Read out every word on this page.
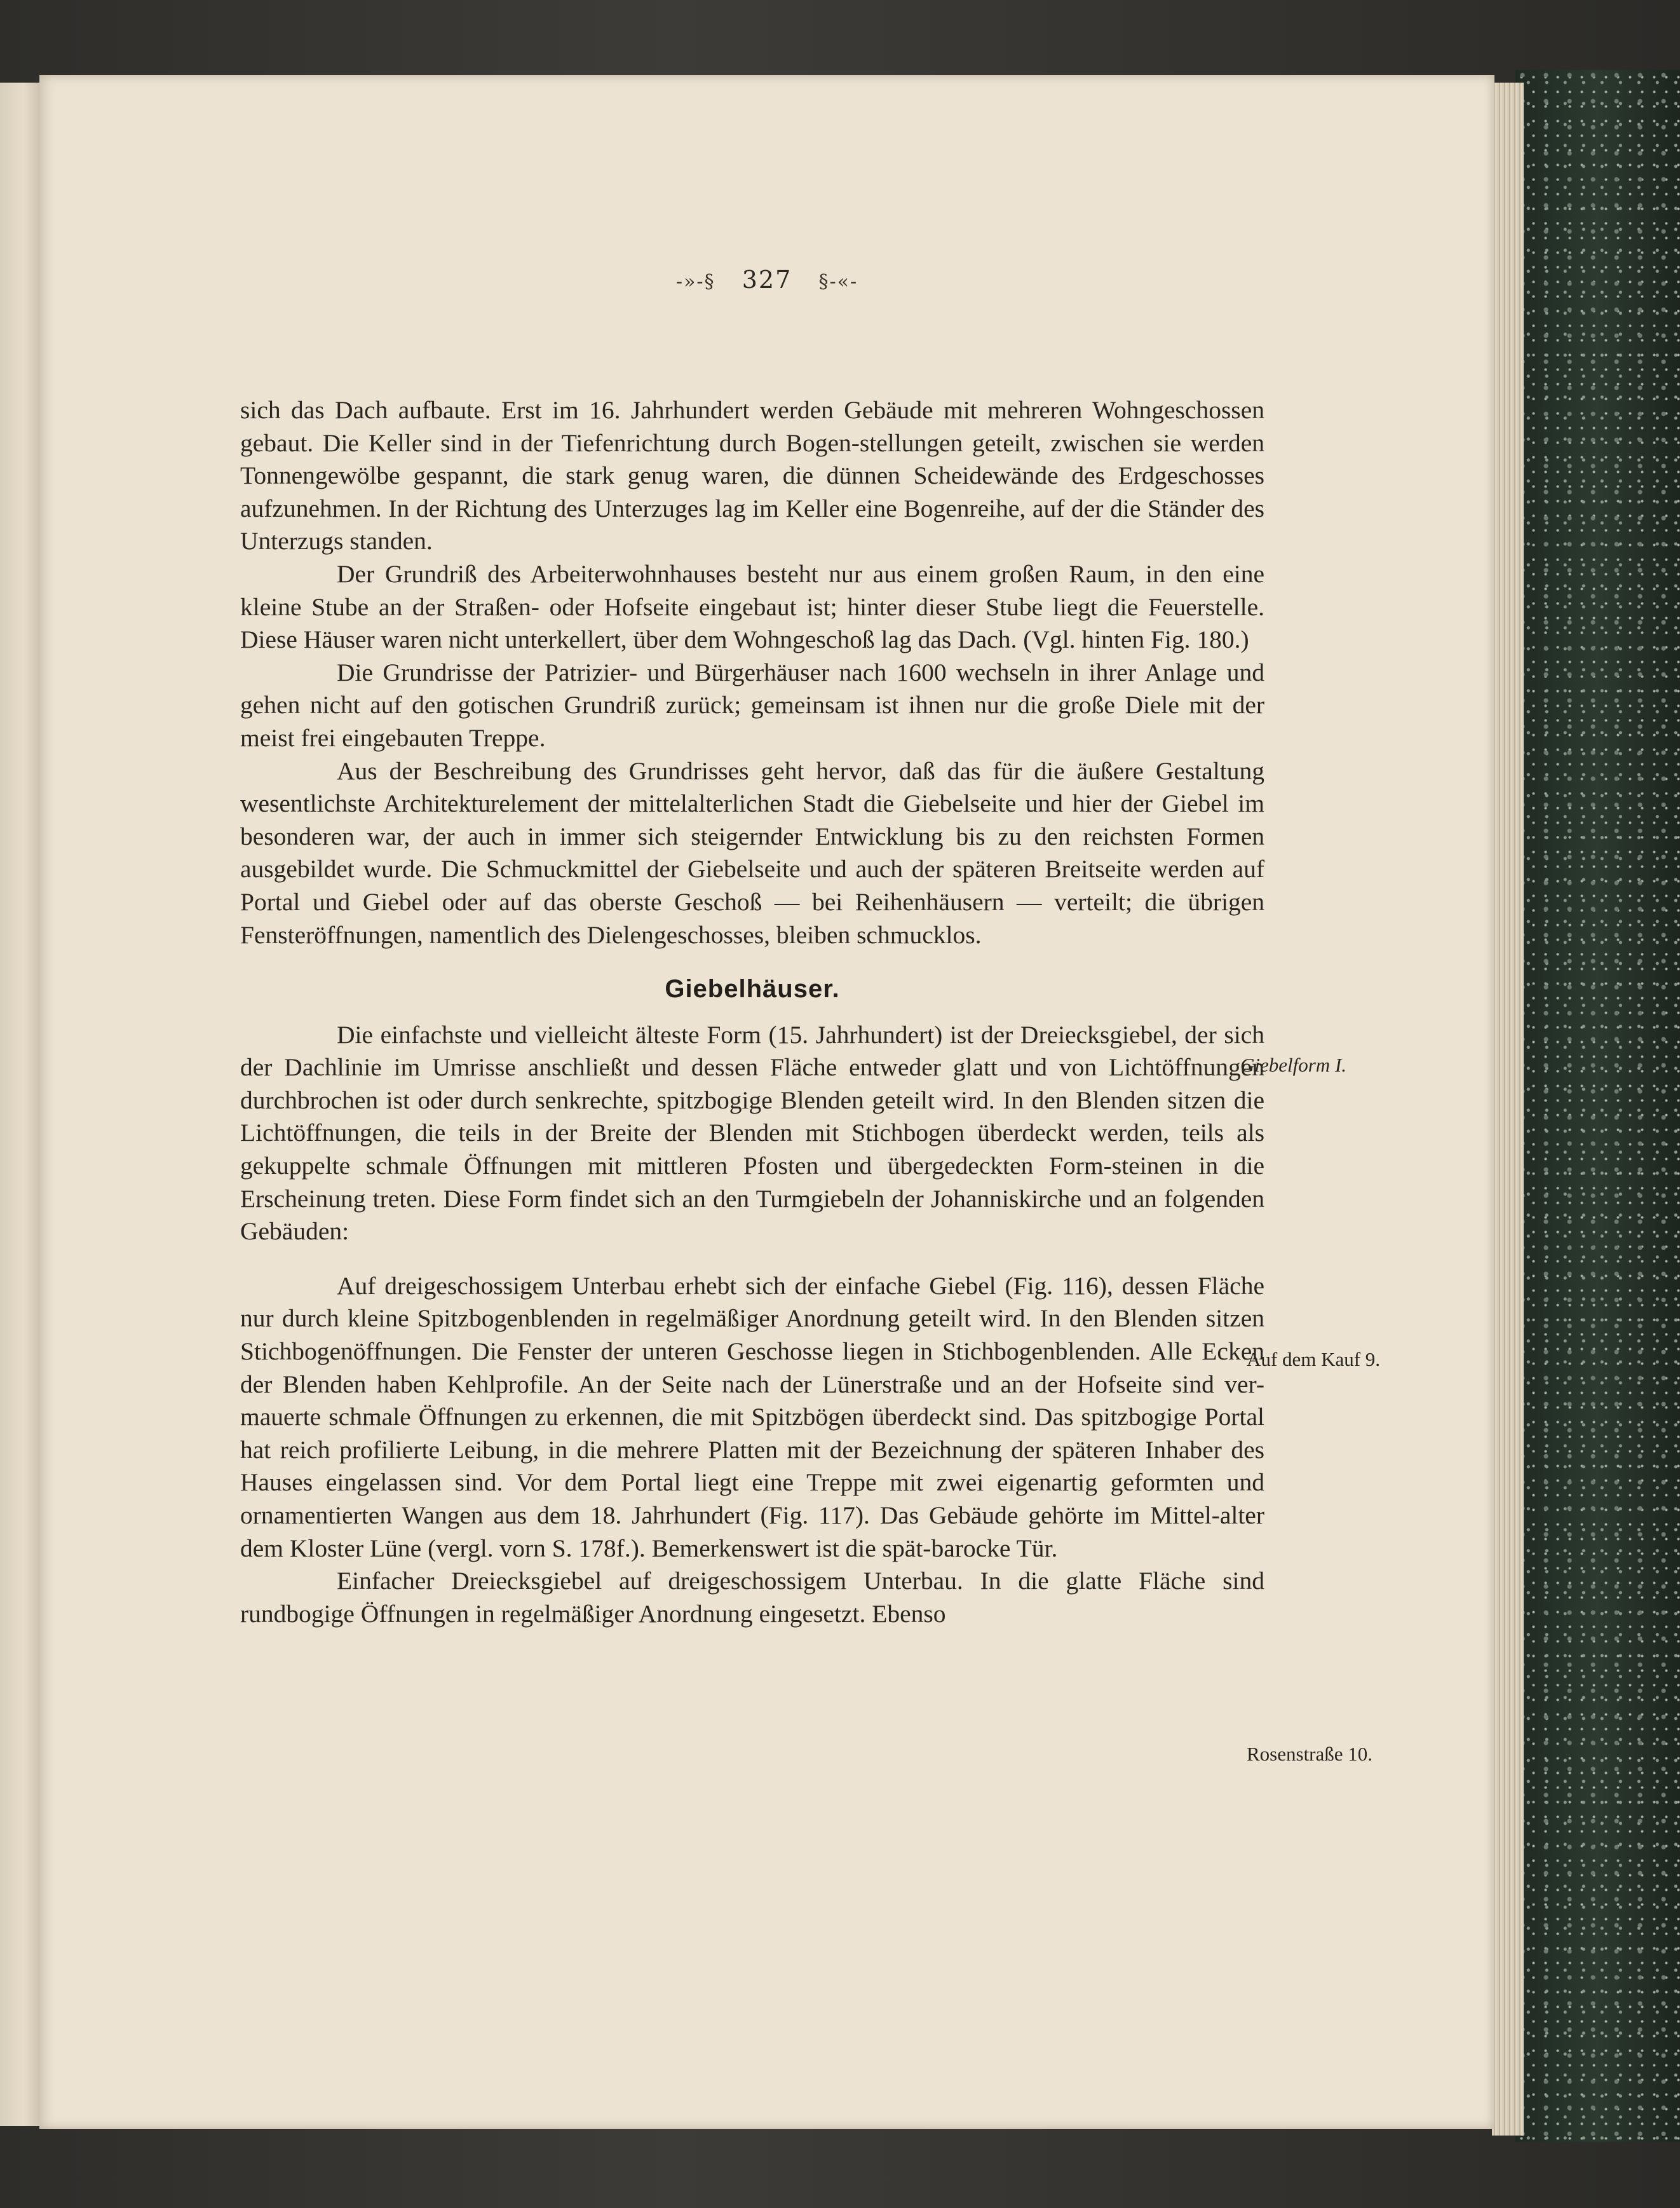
-»-§ 327 §-«-

sich das Dach aufbaute. Erst im 16. Jahrhundert werden Gebäude mit mehreren Wohngeschossen gebaut. Die Keller sind in der Tiefenrichtung durch Bogen-stellungen geteilt, zwischen sie werden Tonnengewölbe gespannt, die stark genug waren, die dünnen Scheidewände des Erdgeschosses aufzunehmen. In der Richtung des Unterzuges lag im Keller eine Bogenreihe, auf der die Ständer des Unterzugs standen.

Der Grundriß des Arbeiterwohnhauses besteht nur aus einem großen Raum, in den eine kleine Stube an der Straßen- oder Hofseite eingebaut ist; hinter dieser Stube liegt die Feuerstelle. Diese Häuser waren nicht unterkellert, über dem Wohngeschoß lag das Dach. (Vgl. hinten Fig. 180.)

Die Grundrisse der Patrizier- und Bürgerhäuser nach 1600 wechseln in ihrer Anlage und gehen nicht auf den gotischen Grundriß zurück; gemeinsam ist ihnen nur die große Diele mit der meist frei eingebauten Treppe.

Aus der Beschreibung des Grundrisses geht hervor, daß das für die äußere Gestaltung wesentlichste Architekturelement der mittelalterlichen Stadt die Giebelseite und hier der Giebel im besonderen war, der auch in immer sich steigernder Entwicklung bis zu den reichsten Formen ausgebildet wurde. Die Schmuckmittel der Giebelseite und auch der späteren Breitseite werden auf Portal und Giebel oder auf das oberste Geschoß — bei Reihenhäusern — verteilt; die übrigen Fensteröffnungen, namentlich des Dielengeschosses, bleiben schmucklos.

Giebelhäuser.

Die einfachste und vielleicht älteste Form (15. Jahrhundert) ist der Dreiecksgiebel, der sich der Dachlinie im Umrisse anschließt und dessen Fläche entweder glatt und von Lichtöffnungen durchbrochen ist oder durch senkrechte, spitzbogige Blenden geteilt wird. In den Blenden sitzen die Lichtöffnungen, die teils in der Breite der Blenden mit Stichbogen überdeckt werden, teils als gekuppelte schmale Öffnungen mit mittleren Pfosten und übergedeckten Form-steinen in die Erscheinung treten. Diese Form findet sich an den Turmgiebeln der Johanniskirche und an folgenden Gebäuden:

Auf dreigeschossigem Unterbau erhebt sich der einfache Giebel (Fig. 116), dessen Fläche nur durch kleine Spitzbogenblenden in regelmäßiger Anordnung geteilt wird. In den Blenden sitzen Stichbogenöffnungen. Die Fenster der unteren Geschosse liegen in Stichbogenblenden. Alle Ecken der Blenden haben Kehlprofile. An der Seite nach der Lünerstraße und an der Hofseite sind ver-mauerte schmale Öffnungen zu erkennen, die mit Spitzbögen überdeckt sind. Das spitzbogige Portal hat reich profilierte Leibung, in die mehrere Platten mit der Bezeichnung der späteren Inhaber des Hauses eingelassen sind. Vor dem Portal liegt eine Treppe mit zwei eigenartig geformten und ornamentierten Wangen aus dem 18. Jahrhundert (Fig. 117). Das Gebäude gehörte im Mittel-alter dem Kloster Lüne (vergl. vorn S. 178f.). Bemerkenswert ist die spät-barocke Tür.

Einfacher Dreiecksgiebel auf dreigeschossigem Unterbau. In die glatte Fläche sind rundbogige Öffnungen in regelmäßiger Anordnung eingesetzt. Ebenso

Giebelform I.
Auf dem Kauf 9.
Rosenstraße 10.
